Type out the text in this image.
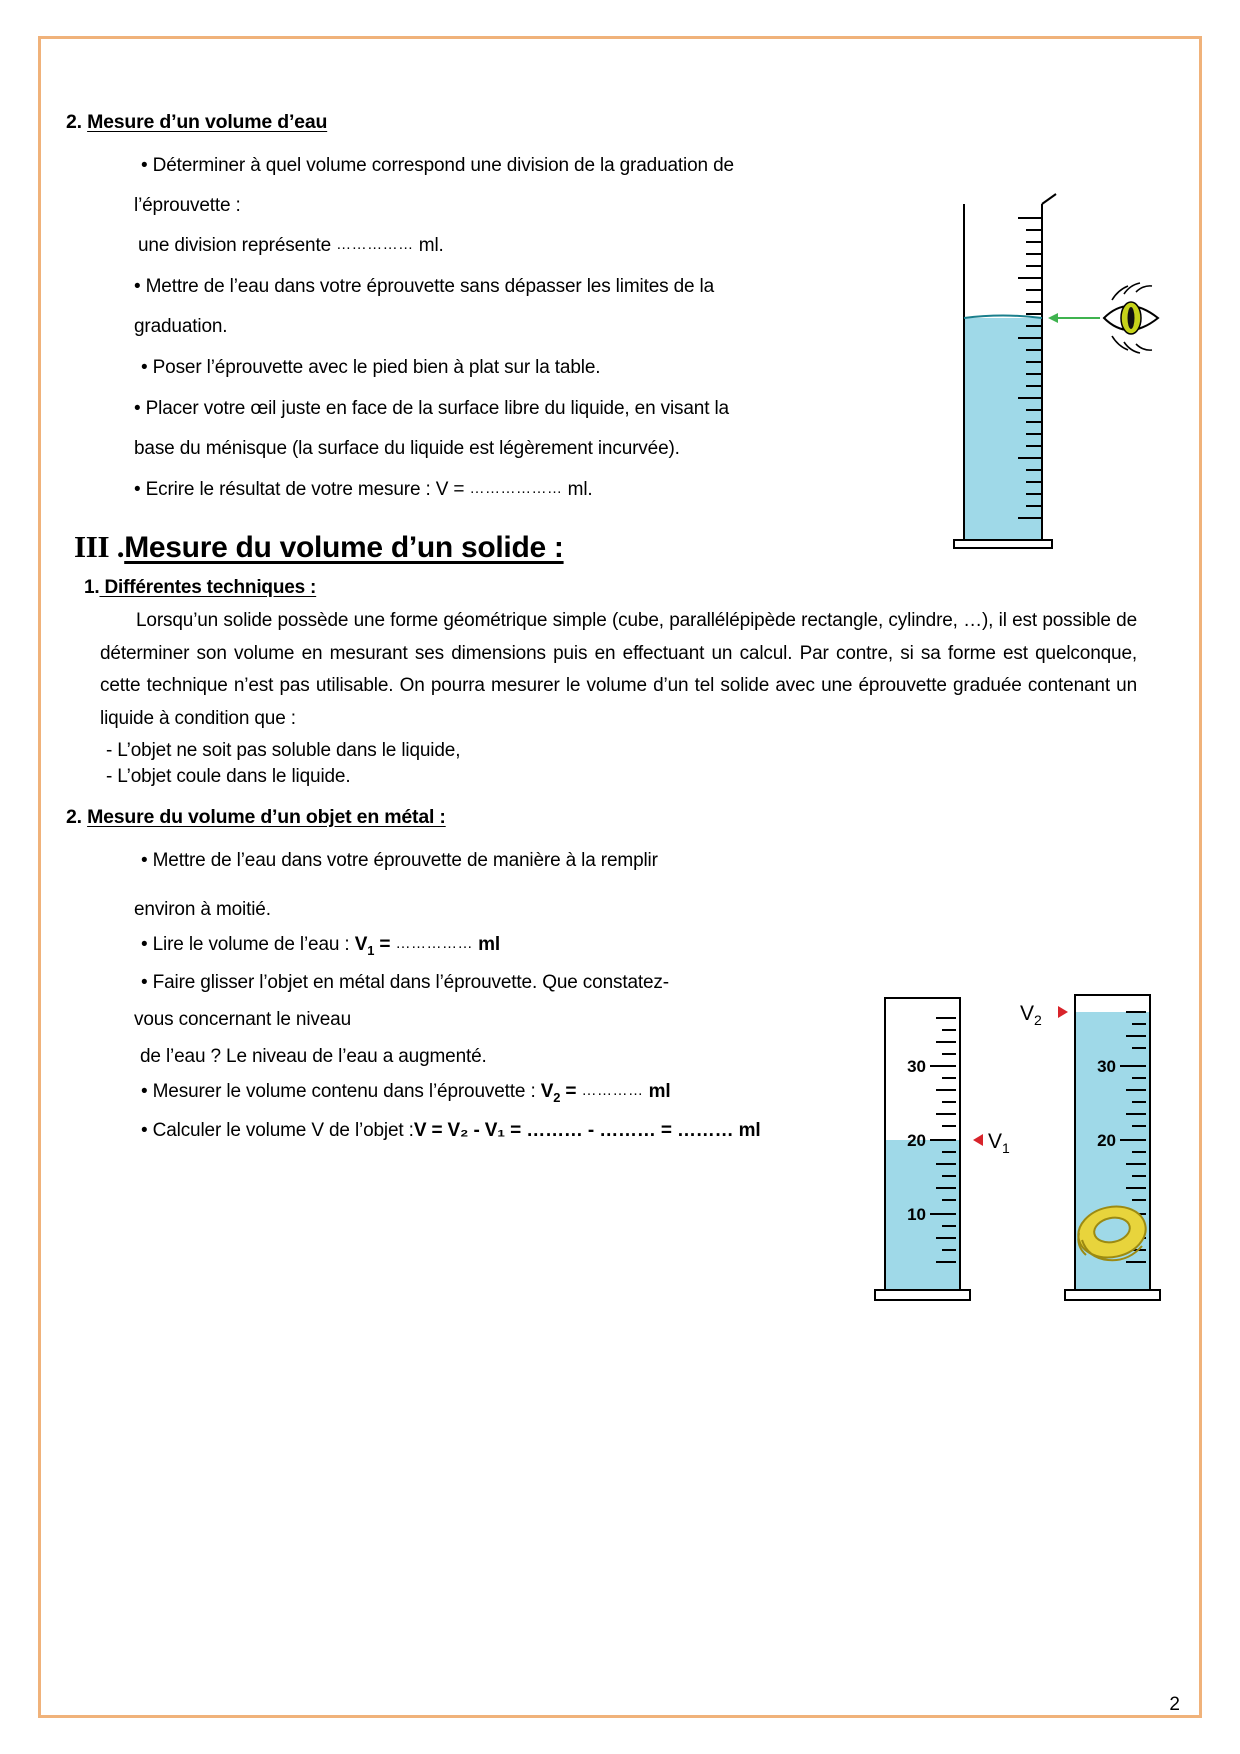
2. Mesure d’un volume d’eau
• Déterminer à quel volume correspond une division de la graduation de
l’éprouvette :
une division représente …………… ml.
• Mettre de l’eau dans votre éprouvette sans dépasser les limites de la
graduation.
• Poser l’éprouvette avec le pied bien à plat sur la table.
• Placer votre œil juste en face de la surface libre du liquide, en visant la
base du ménisque (la surface du liquide est légèrement incurvée).
• Ecrire le résultat de votre mesure : V = ……………… ml.
III .Mesure du volume d’un solide :
1. Différentes techniques :
Lorsqu’un solide possède une forme géométrique simple (cube, parallélépipède rectangle, cylindre, …), il est possible de déterminer son volume en mesurant ses dimensions puis en effectuant un calcul. Par contre, si sa forme est quelconque, cette technique n’est pas utilisable. On pourra mesurer le volume d’un tel solide avec une éprouvette graduée contenant un liquide à condition que :
- L’objet ne soit pas soluble dans le liquide,
- L’objet coule dans le liquide.
2. Mesure du volume d’un objet en métal :
• Mettre de l’eau dans votre éprouvette de manière à la remplir
environ à moitié.
• Lire le volume de l’eau : $V_1$ = …………… ml
• Faire glisser l’objet en métal dans l’éprouvette. Que constatez-
vous concernant le niveau
de l’eau ? Le niveau de l’eau a augmenté.
• Mesurer le volume contenu dans l’éprouvette : $V_2$ = ………… ml
• Calculer le volume V de l’objet :V = V₂ - V₁ = ……… - ……… = ……… ml
30
20
10
$V_1$
30
20
$V_2$
2
